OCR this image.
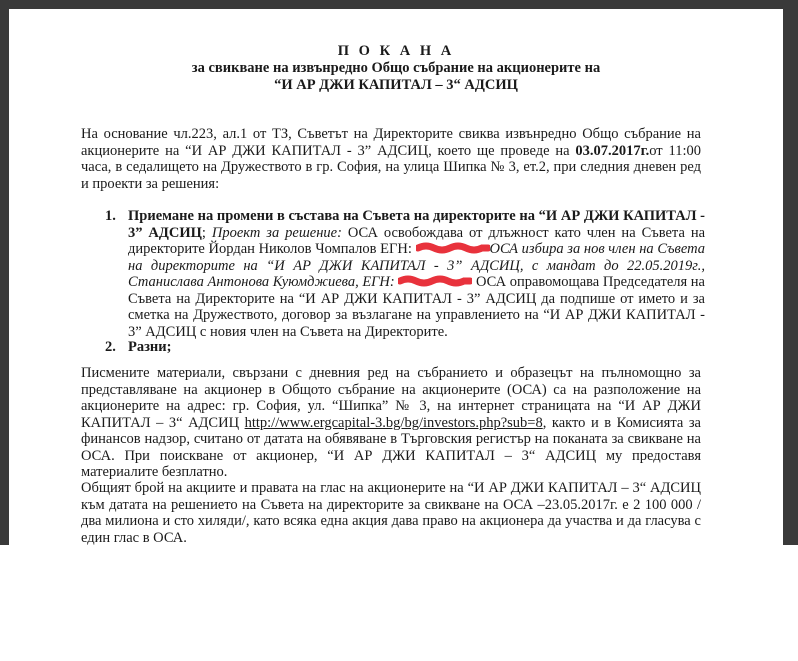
П О К А Н А
за свикване на извънредно Общо събрание на акционерите на
“И АР ДЖИ КАПИТАЛ – 3“ АДСИЦ
На основание чл.223, ал.1 от ТЗ, Съветът на Директорите свиква извънредно Общо събрание на акционерите на “И АР ДЖИ КАПИТАЛ - 3” АДСИЦ, което ще проведе на 03.07.2017г.от 11:00 часа, в седалището на Дружеството в гр. София, на улица Шипка № 3, ет.2, при следния дневен ред и проекти за решения:
1. Приемане на промени в състава на Съвета на директорите на “И АР ДЖИ КАПИТАЛ - 3” АДСИЦ; Проект за решение: ОСА освобождава от длъжност като член на Съвета на директорите Йордан Николов Чомпалов ЕГН:	ОСА избира за нов член на Съвета на директорите на “И АР ДЖИ КАПИТАЛ - 3” АДСИЦ, с мандат до 22.05.2019г., Станислава Антонова Куюмджиева, ЕГН:	ОСА оправомощава Председателя на Съвета на Директорите на “И АР ДЖИ КАПИТАЛ - 3” АДСИЦ да подпише от името и за сметка на Дружеството, договор за възлагане на управлението на “И АР ДЖИ КАПИТАЛ - 3” АДСИЦ с новия член на Съвета на Директорите.
2. Разни;
Писмените материали, свързани с дневния ред на събранието и образецът на пълномощно за представляване на акционер в Общото събрание на акционерите (ОСА) са на разположение на акционерите на адрес: гр. София, ул. “Шипка” № 3, на интернет страницата на “И АР ДЖИ КАПИТАЛ – 3“ АДСИЦ http://www.ergcapital-3.bg/bg/investors.php?sub=8, както и в Комисията за финансов надзор, считано от датата на обявяване в Търговския регистър на поканата за свикване на ОСА. При поискване от акционер, “И АР ДЖИ КАПИТАЛ – 3“ АДСИЦ му предоставя материалите безплатно.
Общият брой на акциите и правата на глас на акционерите на “И АР ДЖИ КАПИТАЛ – 3“ АДСИЦ към датата на решението на Съвета на директорите за свикване на ОСА –23.05.2017г. е 2 100 000 /два милиона и сто хиляди/, като всяка една акция дава право на акционера да участва и да гласува с един глас в ОСА.
